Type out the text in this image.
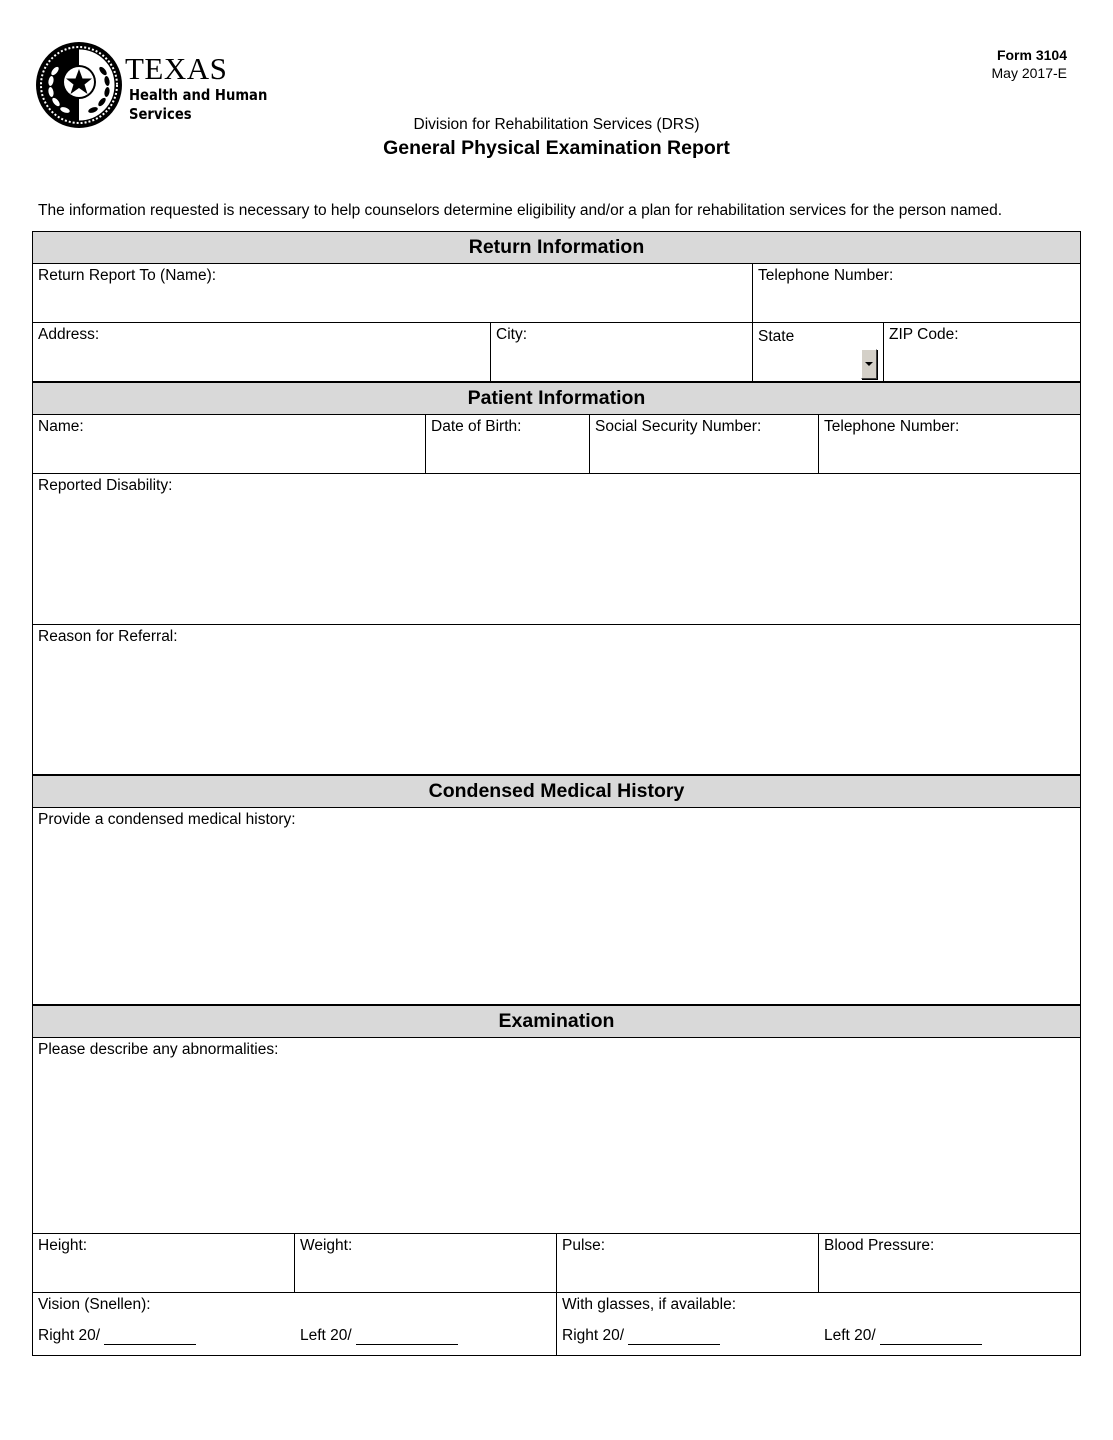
TEXAS
Health and Human
Services
Form 3104
May 2017-E
Division for Rehabilitation Services (DRS)
General Physical Examination Report
The information requested is necessary to help counselors determine eligibility and/or a plan for rehabilitation services for the person named.
Return Information
Return Report To (Name):	Telephone Number:
Address:	City:	State	ZIP Code:
Patient Information
Name:	Date of Birth:	Social Security Number:	Telephone Number:
Reported Disability:
Reason for Referral:
Condensed Medical History
Provide a condensed medical history:
Examination
Please describe any abnormalities:
Height:	Weight:	Pulse:	Blood Pressure:
Vision (Snellen):
Right 20/	Left 20/
With glasses, if available:
Right 20/	Left 20/
